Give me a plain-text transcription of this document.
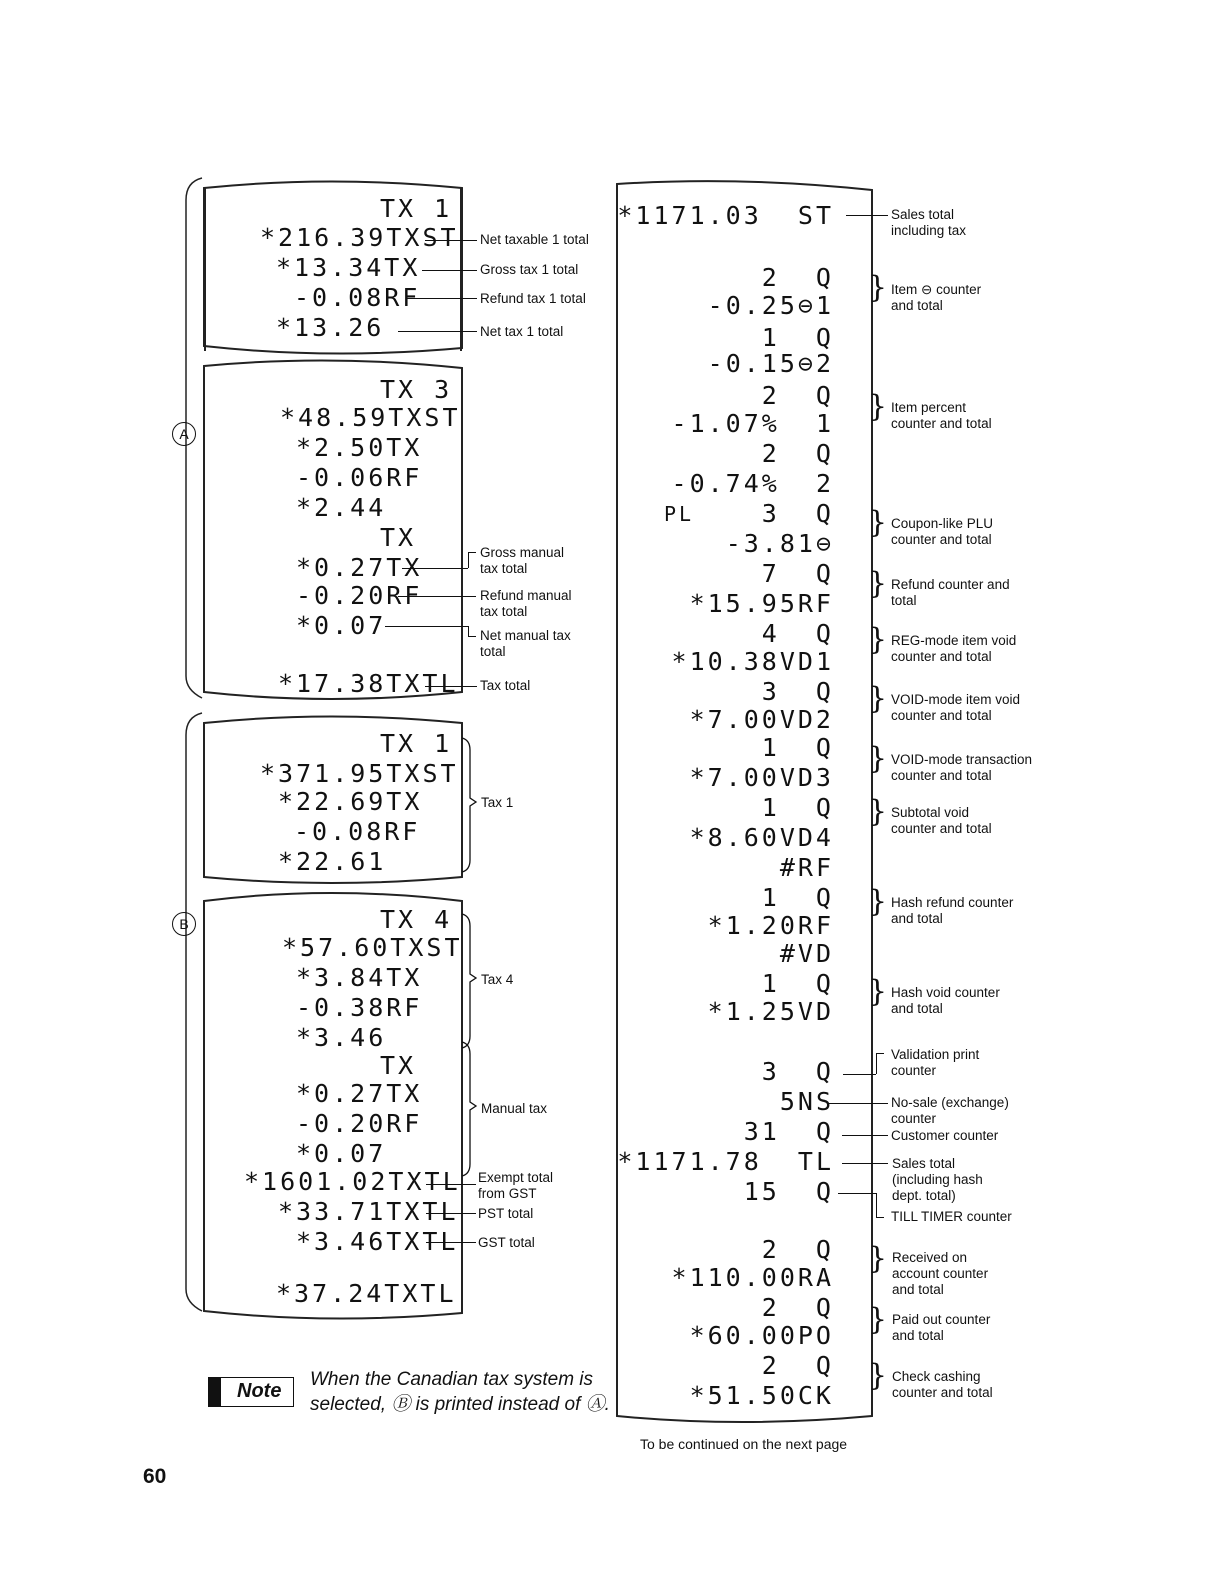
A
TX 1
*216.39TXST
*13.34TX
-0.08RF
*13.26
Net taxable 1 total
Gross tax 1 total
Refund tax 1 total
Net tax 1 total
TX 3
*48.59TXST
*2.50TX
-0.06RF
*2.44
TX
*0.27TX
-0.20RF
*0.07
*17.38TXTL
Gross manual
tax total
Refund manual
tax total
Net manual tax
total
Tax total
B
TX 1
*371.95TXST
*22.69TX
-0.08RF
*22.61
Tax 1
TX 4
*57.60TXST
*3.84TX
-0.38RF
*3.46
Tax 4
TX
*0.27TX
-0.20RF
*0.07
Manual tax
*1601.02TXTL
*33.71TXTL
*3.46TXTL
*37.24TXTL
Exempt total
from GST
PST total
GST total
Note
When the Canadian tax system is
selected, Ⓑ is printed instead of Ⓐ.
PL
*1171.03  ST
2  Q
-0.25⊖1
1  Q
-0.15⊖2
2  Q
-1.07%  1
2  Q
-0.74%  2
3  Q
-3.81⊖
7  Q
*15.95RF
4  Q
*10.38VD1
3  Q
*7.00VD2
1  Q
*7.00VD3
1  Q
*8.60VD4
#RF
1  Q
*1.20RF
#VD
1  Q
*1.25VD
3  Q
5NS
31  Q
*1171.78  TL
15  Q
2  Q
*110.00RA
2  Q
*60.00PO
2  Q
*51.50CK
Sales total
including tax
} Item ⊖ counter
and total
} Item percent
counter and total
} Coupon-like PLU
counter and total
} Refund counter and
total
} REG-mode item void
counter and total
} VOID-mode item void
counter and total
} VOID-mode transaction
counter and total
} Subtotal void
counter and total
} Hash refund counter
and total
} Hash void counter
and total
Validation print
counter
No-sale (exchange)
counter
Customer counter
Sales total
(including hash
dept. total)
TILL TIMER counter
} Received on
account counter
and total
} Paid out counter
and total
} Check cashing
counter and total
To be continued on the next page
60
